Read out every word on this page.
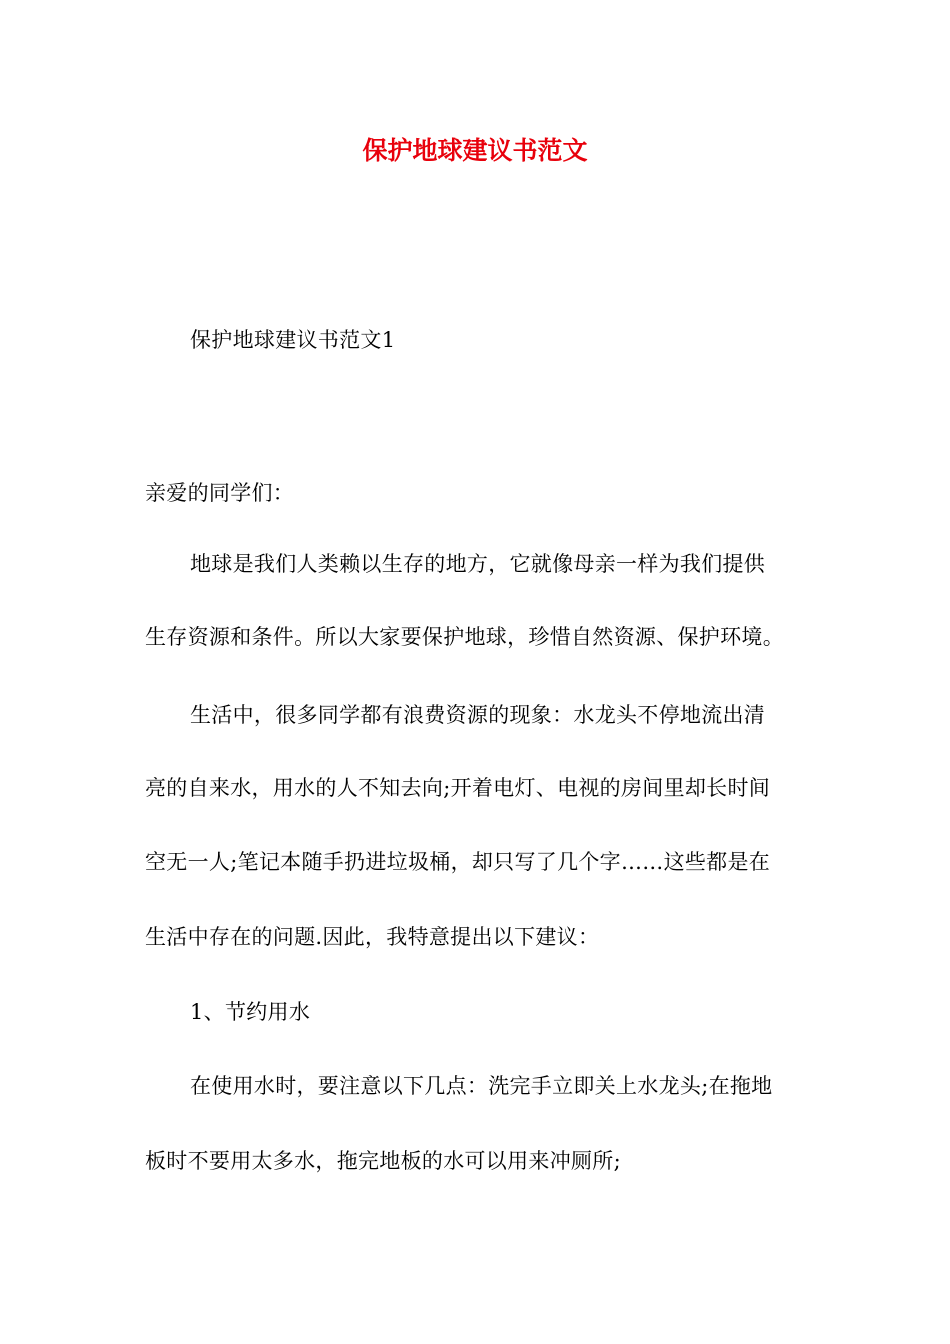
保护地球建议书范文
保护地球建议书范文1
亲爱的同学们：
地球是我们人类赖以生存的地方，它就像母亲一样为我们提供
生存资源和条件。所以大家要保护地球，珍惜自然资源、保护环境。
生活中，很多同学都有浪费资源的现象：水龙头不停地流出清
亮的自来水，用水的人不知去向;开着电灯、电视的房间里却长时间
空无一人;笔记本随手扔进垃圾桶，却只写了几个字……这些都是在
生活中存在的问题.因此，我特意提出以下建议：
1、节约用水
在使用水时，要注意以下几点：洗完手立即关上水龙头;在拖地
板时不要用太多水，拖完地板的水可以用来冲厕所;
